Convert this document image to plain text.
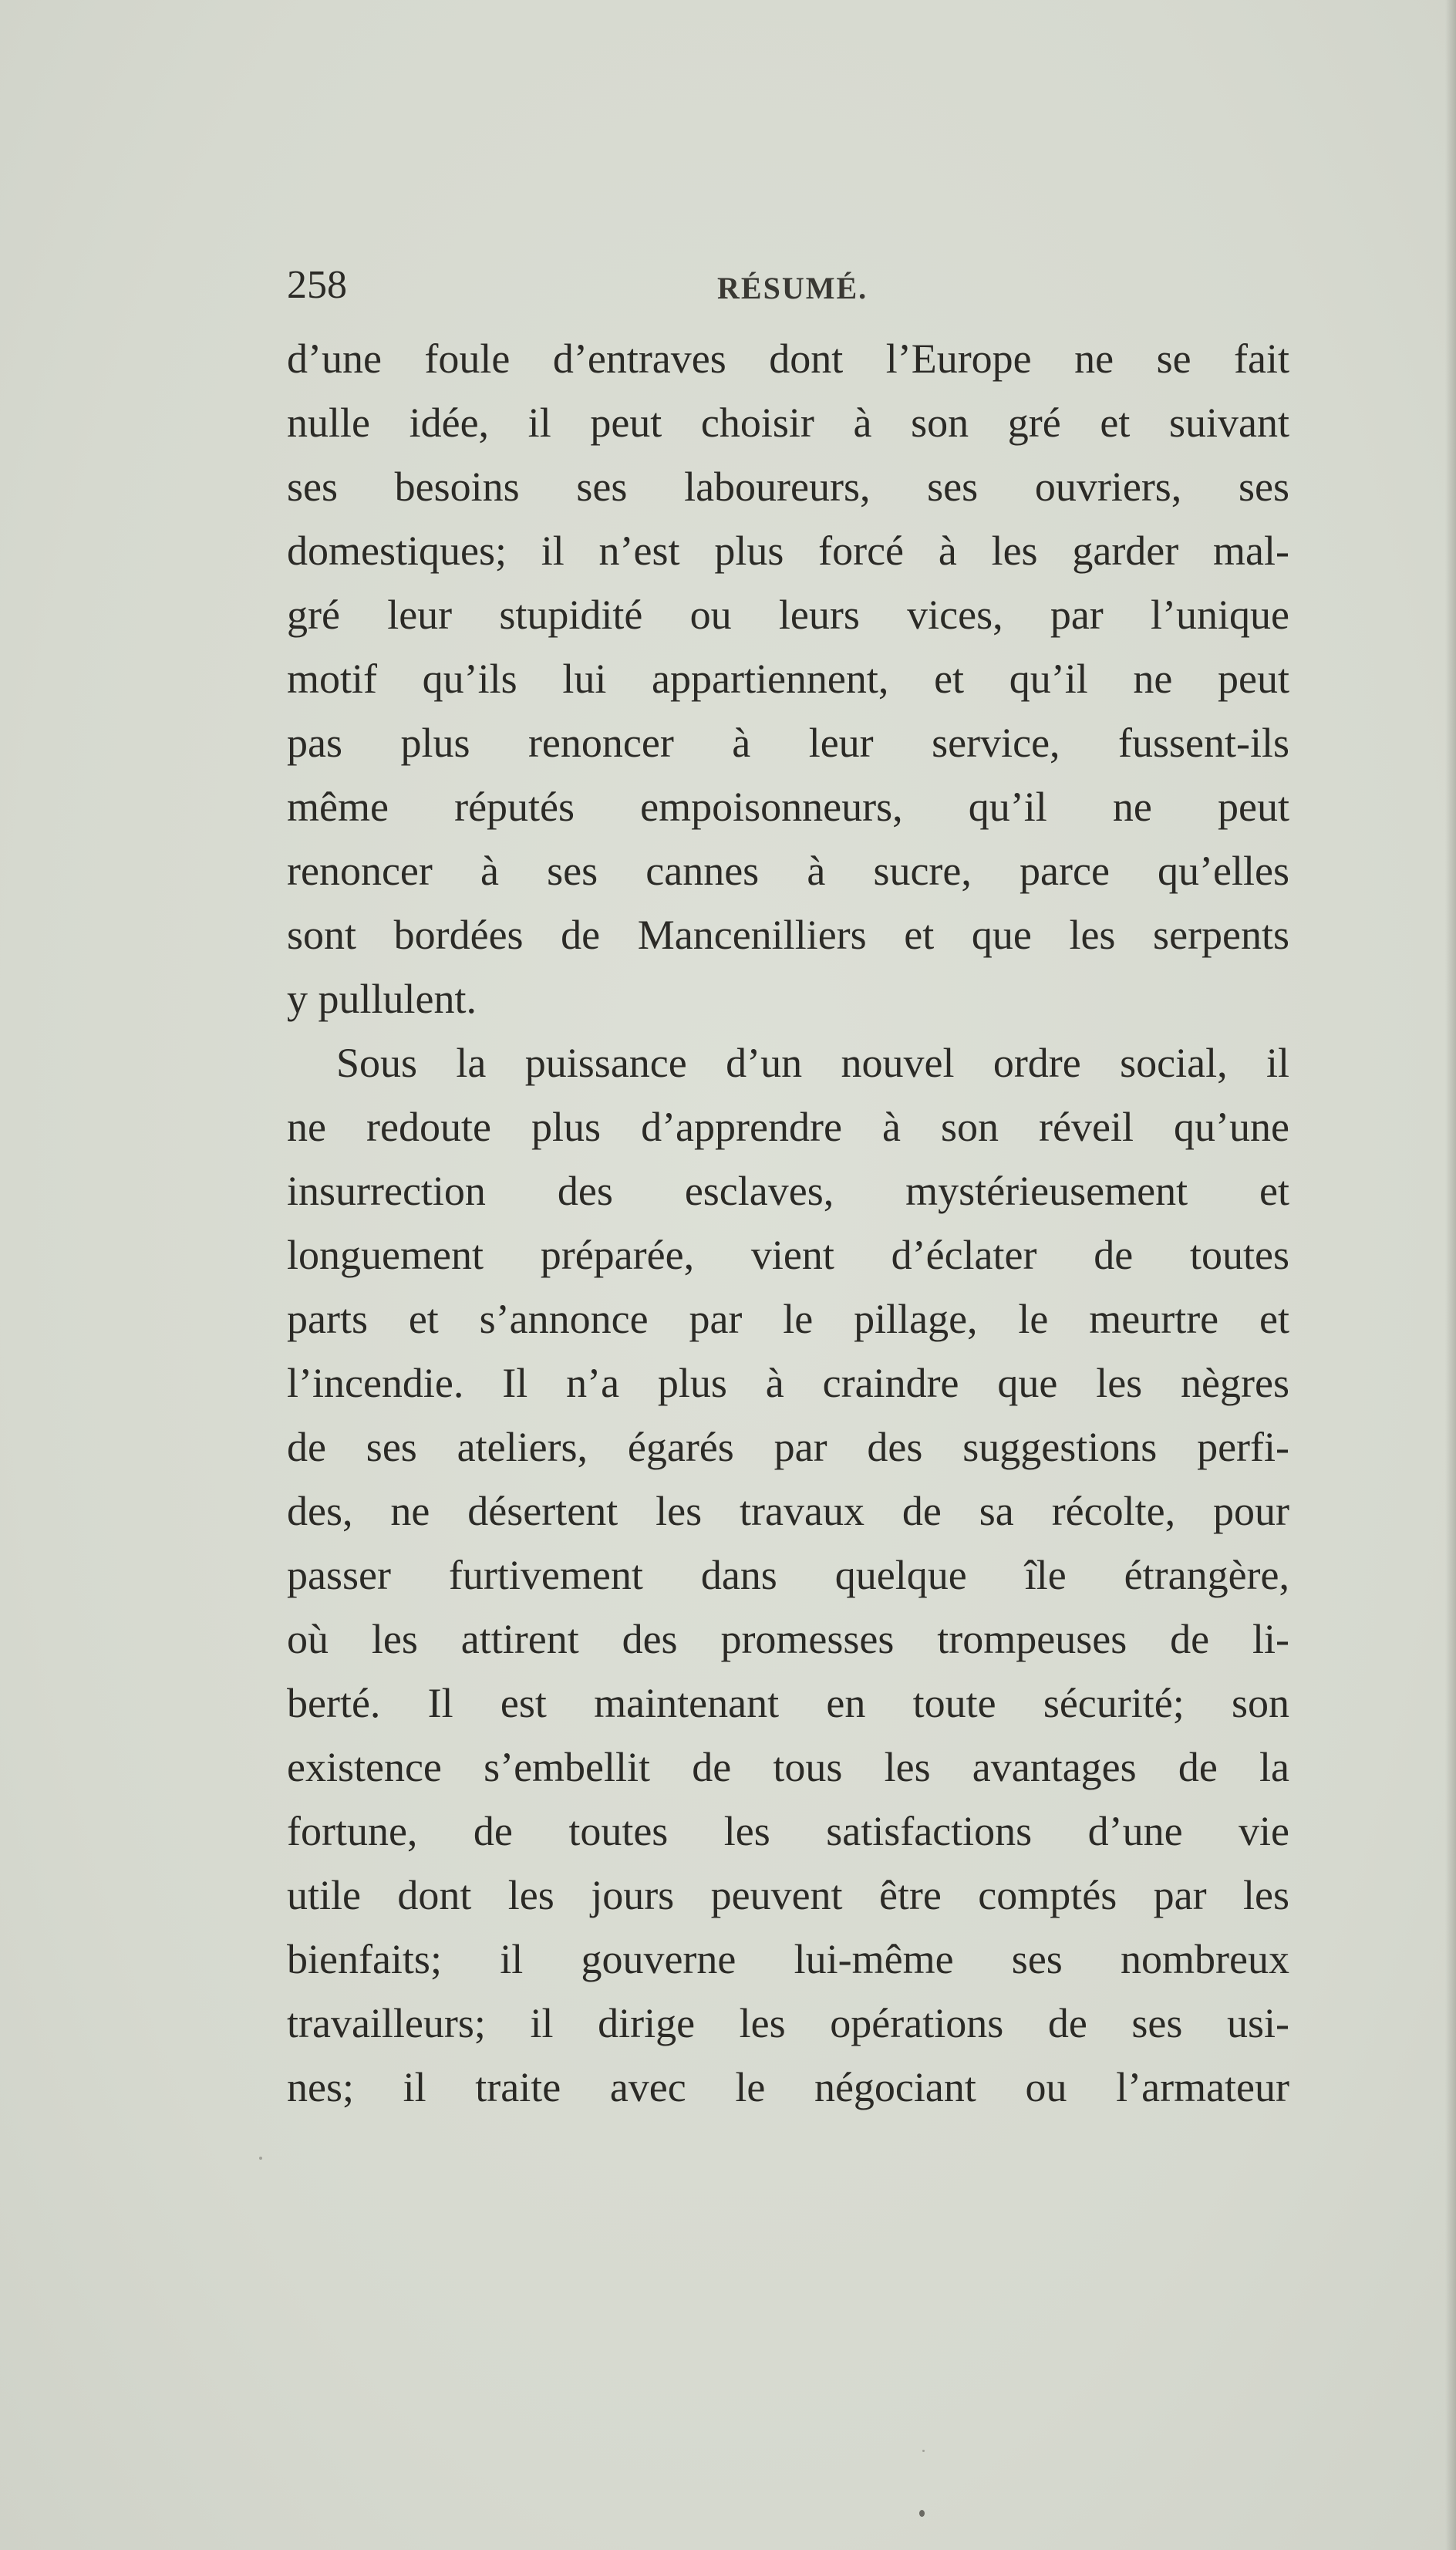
258	RÉSUMÉ.
d’une foule d’entraves dont l’Europe ne se fait
nulle idée, il peut choisir à son gré et suivant
ses besoins ses laboureurs, ses ouvriers, ses
domestiques; il n’est plus forcé à les garder mal-
gré leur stupidité ou leurs vices, par l’unique
motif qu’ils lui appartiennent, et qu’il ne peut
pas plus renoncer à leur service, fussent-ils
même réputés empoisonneurs, qu’il ne peut
renoncer à ses cannes à sucre, parce qu’elles
sont bordées de Mancenilliers et que les serpents
y pullulent.
Sous la puissance d’un nouvel ordre social, il
ne redoute plus d’apprendre à son réveil qu’une
insurrection des esclaves, mystérieusement et
longuement préparée, vient d’éclater de toutes
parts et s’annonce par le pillage, le meurtre et
l’incendie. Il n’a plus à craindre que les nègres
de ses ateliers, égarés par des suggestions perfi-
des, ne désertent les travaux de sa récolte, pour
passer furtivement dans quelque île étrangère,
où les attirent des promesses trompeuses de li-
berté. Il est maintenant en toute sécurité; son
existence s’embellit de tous les avantages de la
fortune, de toutes les satisfactions d’une vie
utile dont les jours peuvent être comptés par les
bienfaits; il gouverne lui-même ses nombreux
travailleurs; il dirige les opérations de ses usi-
nes; il traite avec le négociant ou l’armateur
